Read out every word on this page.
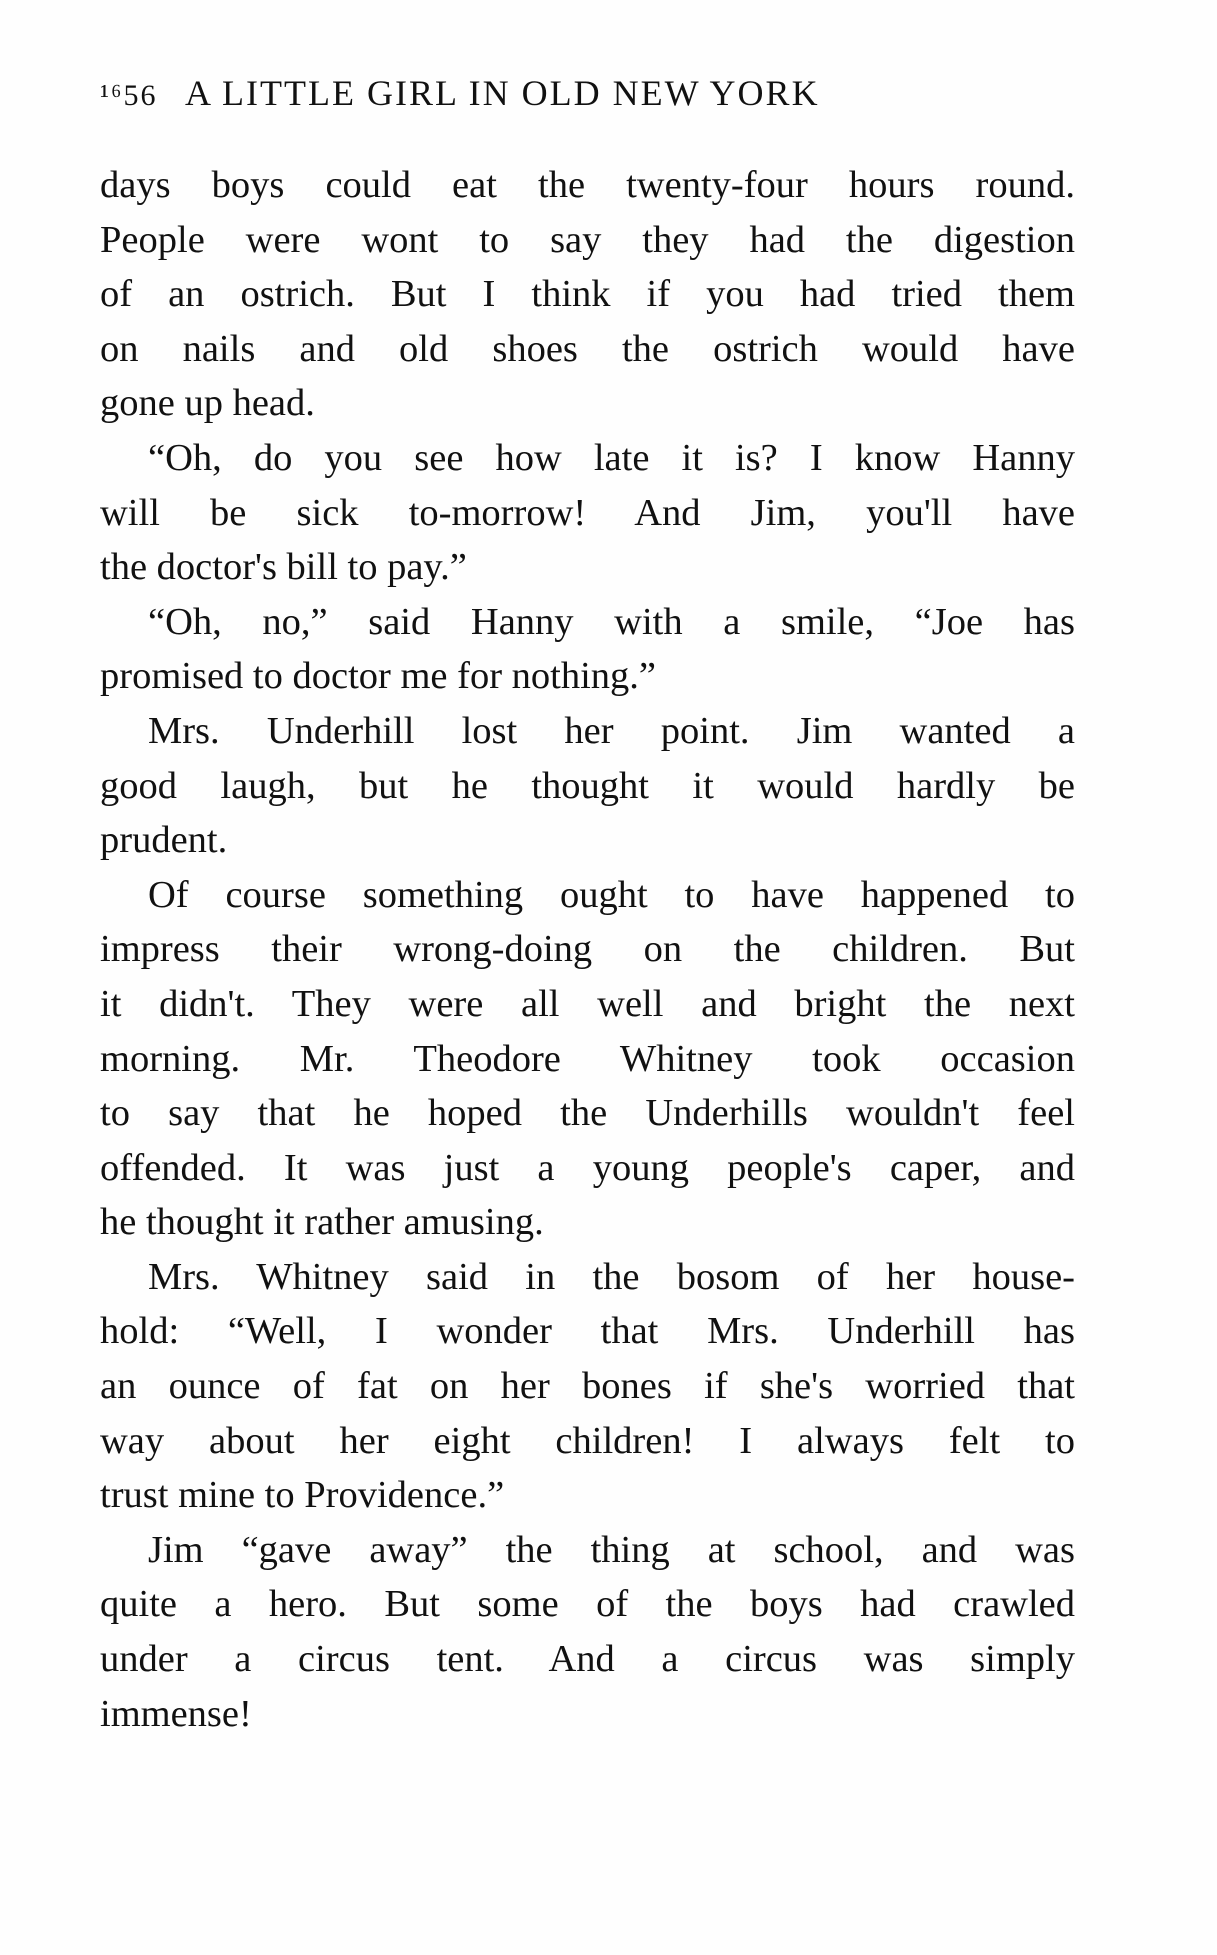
¹⁶56 A LITTLE GIRL IN OLD NEW YORK
days boys could eat the twenty-four hours round.
People were wont to say they had the digestion
of an ostrich. But I think if you had tried them
on nails and old shoes the ostrich would have
gone up head.
“Oh, do you see how late it is? I know Hanny
will be sick to-morrow! And Jim, you'll have
the doctor's bill to pay.”
“Oh, no,” said Hanny with a smile, “Joe has
promised to doctor me for nothing.”
Mrs. Underhill lost her point. Jim wanted a
good laugh, but he thought it would hardly be
prudent.
Of course something ought to have happened to
impress their wrong-doing on the children. But
it didn't. They were all well and bright the next
morning. Mr. Theodore Whitney took occasion
to say that he hoped the Underhills wouldn't feel
offended. It was just a young people's caper, and
he thought it rather amusing.
Mrs. Whitney said in the bosom of her house-
hold: “Well, I wonder that Mrs. Underhill has
an ounce of fat on her bones if she's worried that
way about her eight children! I always felt to
trust mine to Providence.”
Jim “gave away” the thing at school, and was
quite a hero. But some of the boys had crawled
under a circus tent. And a circus was simply
immense!
